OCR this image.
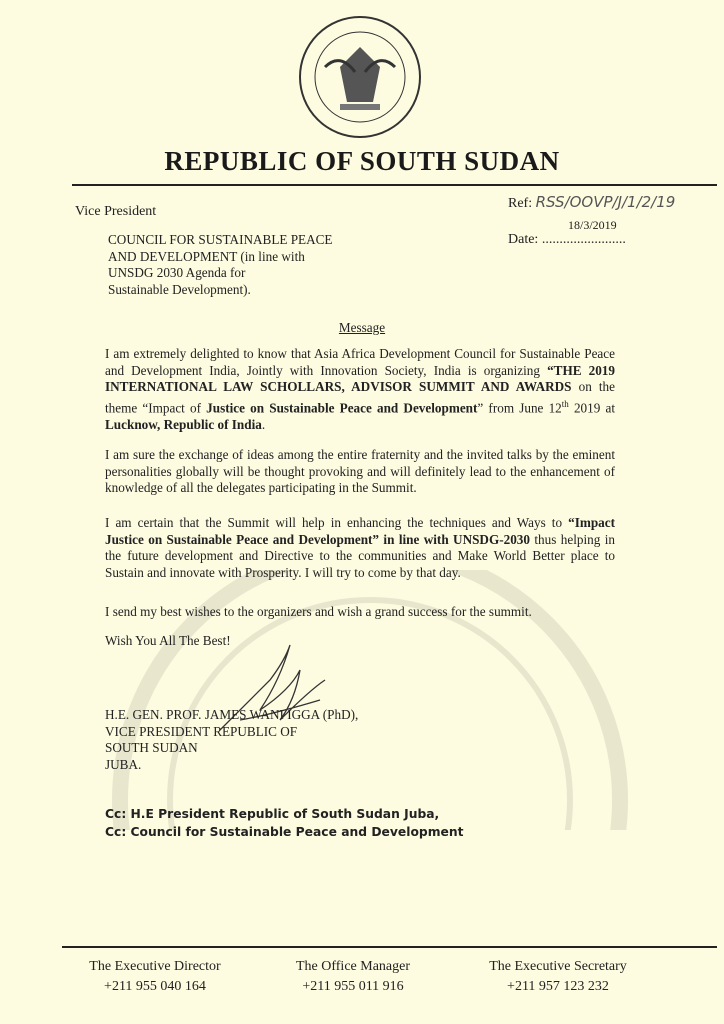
REPUBLIC OF SOUTH SUDAN
Vice President
COUNCIL FOR SUSTAINABLE PEACE
AND DEVELOPMENT (in line with
UNSDG 2030 Agenda for
Sustainable Development).
Ref: RSS/OOVP/J/1/2/19
18/3/2019
Date: ........................
Message
I am extremely delighted to know that Asia Africa Development Council for Sustainable Peace and Development India, Jointly with Innovation Society, India is organizing “THE 2019 INTERNATIONAL LAW SCHOLLARS, ADVISOR SUMMIT AND AWARDS on the theme “Impact of Justice on Sustainable Peace and Development” from June 12th 2019 at Lucknow, Republic of India.
I am sure the exchange of ideas among the entire fraternity and the invited talks by the eminent personalities globally will be thought provoking and will definitely lead to the enhancement of knowledge of all the delegates participating in the Summit.
I am certain that the Summit will help in enhancing the techniques and Ways to “Impact Justice on Sustainable Peace and Development” in line with UNSDG-2030 thus helping in the future development and Directive to the communities and Make World Better place to Sustain and innovate with Prosperity. I will try to come by that day.
I send my best wishes to the organizers and wish a grand success for the summit.
Wish You All The Best!
H.E. GEN. PROF. JAMES WANI IGGA (PhD),
VICE PRESIDENT REPUBLIC OF
SOUTH SUDAN
JUBA.
Cc: H.E President Republic of South Sudan Juba,
Cc: Council for Sustainable Peace and Development
The Executive Director
+211 955 040 164
The Office Manager
+211 955 011 916
The Executive Secretary
+211 957 123 232
